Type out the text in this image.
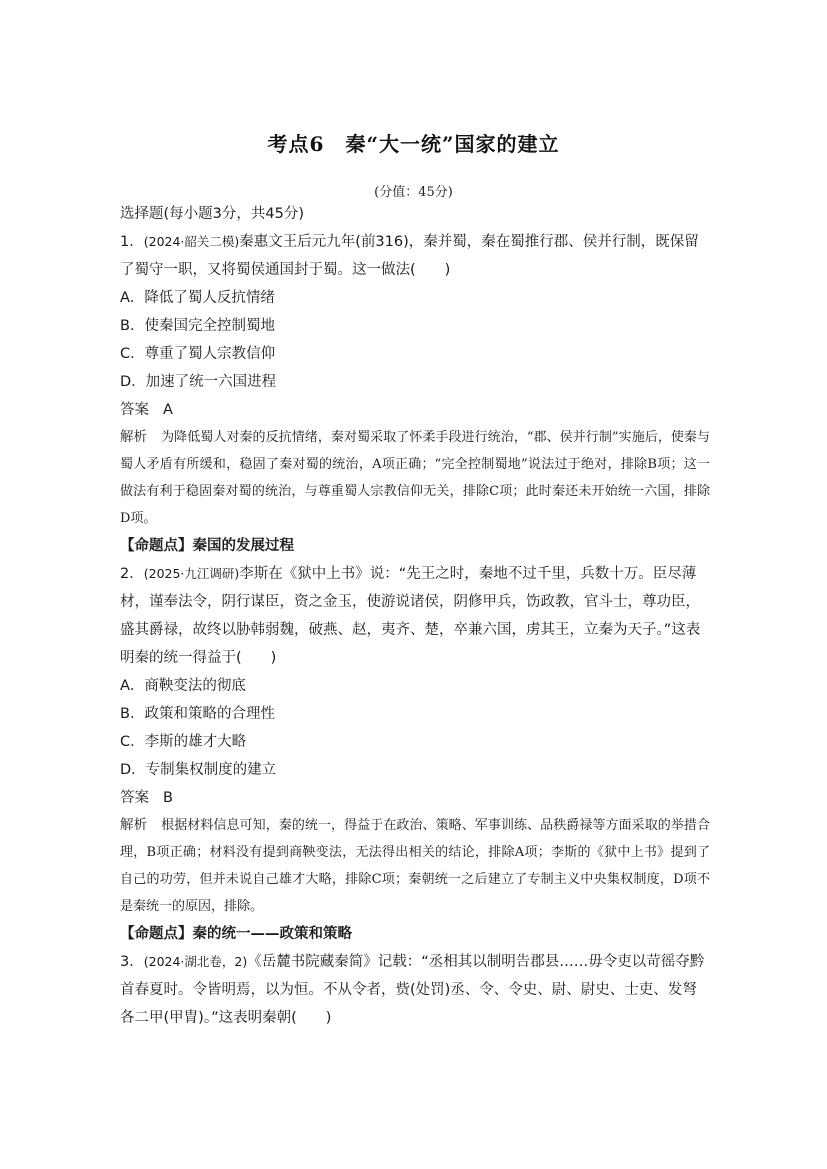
考点6　秦“大一统”国家的建立
(分值：45分)
选择题(每小题3分，共45分)
1．(2024·韶关二模)秦惠文王后元九年(前316)，秦并蜀，秦在蜀推行郡、侯并行制，既保留了蜀守一职，又将蜀侯通国封于蜀。这一做法(　　)
A．降低了蜀人反抗情绪
B．使秦国完全控制蜀地
C．尊重了蜀人宗教信仰
D．加速了统一六国进程
答案 A
解析 为降低蜀人对秦的反抗情绪，秦对蜀采取了怀柔手段进行统治，“郡、侯并行制”实施后，使秦与蜀人矛盾有所缓和，稳固了秦对蜀的统治，A项正确；“完全控制蜀地”说法过于绝对，排除B项；这一做法有利于稳固秦对蜀的统治，与尊重蜀人宗教信仰无关，排除C项；此时秦还未开始统一六国，排除D项。
【命题点】秦国的发展过程
2．(2025·九江调研)李斯在《狱中上书》说：“先王之时，秦地不过千里，兵数十万。臣尽薄材，谨奉法令，阴行谋臣，资之金玉，使游说诸侯，阴修甲兵，饬政教，官斗士，尊功臣，盛其爵禄，故终以胁韩弱魏，破燕、赵，夷齐、楚，卒兼六国，虏其王，立秦为天子。”这表明秦的统一得益于(　　)
A．商鞅变法的彻底
B．政策和策略的合理性
C．李斯的雄才大略
D．专制集权制度的建立
答案 B
解析 根据材料信息可知，秦的统一，得益于在政治、策略、军事训练、品秩爵禄等方面采取的举措合理，B项正确；材料没有提到商鞅变法，无法得出相关的结论，排除A项；李斯的《狱中上书》提到了自己的功劳，但并未说自己雄才大略，排除C项；秦朝统一之后建立了专制主义中央集权制度，D项不是秦统一的原因，排除。
【命题点】秦的统一——政策和策略
3．(2024·湖北卷，2)《岳麓书院藏秦简》记载：“丞相其以制明告郡县……毋令吏以苛徭夺黔首春夏时。令皆明焉，以为恒。不从令者，赀(处罚)丞、令、令史、尉、尉史、士吏、发弩各二甲(甲胄)。”这表明秦朝(　　)
